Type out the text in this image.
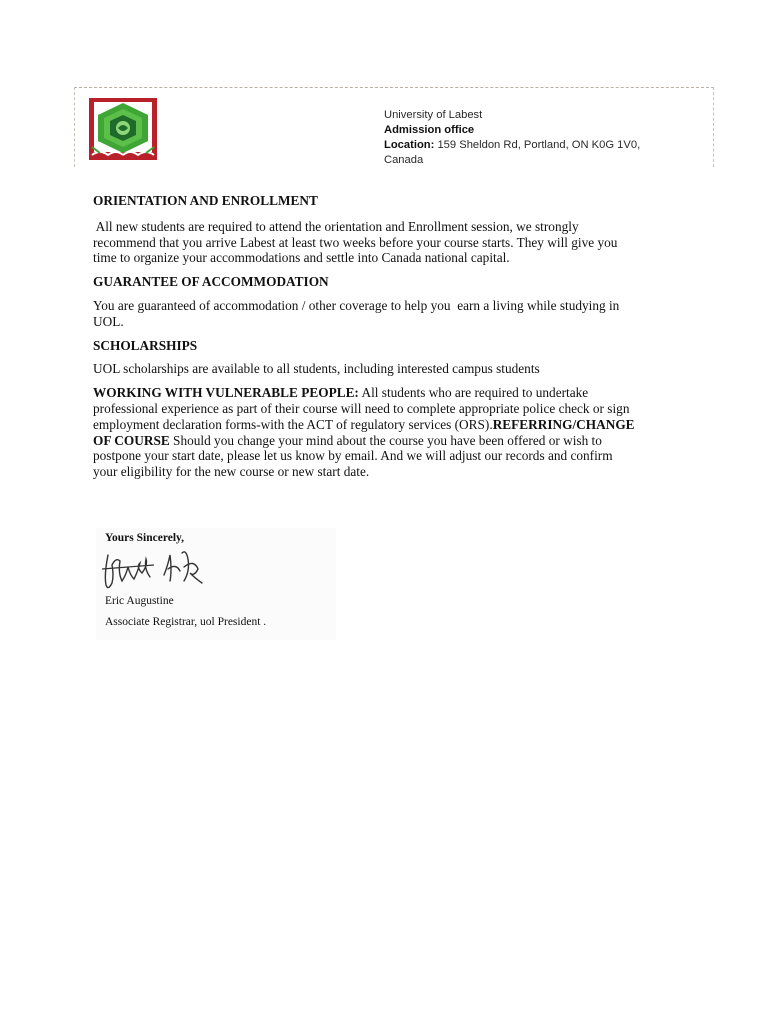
University of Labest
Admission office
Location: 159 Sheldon Rd, Portland, ON K0G 1V0,
Canada
ORIENTATION AND ENROLLMENT

All new students are required to attend the orientation and Enrollment session, we strongly

recommend that you arrive Labest at least two weeks before your course starts. They will give you

time to organize your accommodations and settle into Canada national capital.

GUARANTEE OF ACCOMMODATION

You are guaranteed of accommodation / other coverage to help you  earn a living while studying in

UOL.

SCHOLARSHIPS

UOL scholarships are available to all students, including interested campus students

WORKING WITH VULNERABLE PEOPLE: All students who are required to undertake

professional experience as part of their course will need to complete appropriate police check or sign

employment declaration forms-with the ACT of regulatory services (ORS).REFERRING/CHANGE

OF COURSE Should you change your mind about the course you have been offered or wish to

postpone your start date, please let us know by email. And we will adjust our records and confirm

your eligibility for the new course or new start date.

Yours Sincerely,
Eric Augustine
Associate Registrar, uol President .
